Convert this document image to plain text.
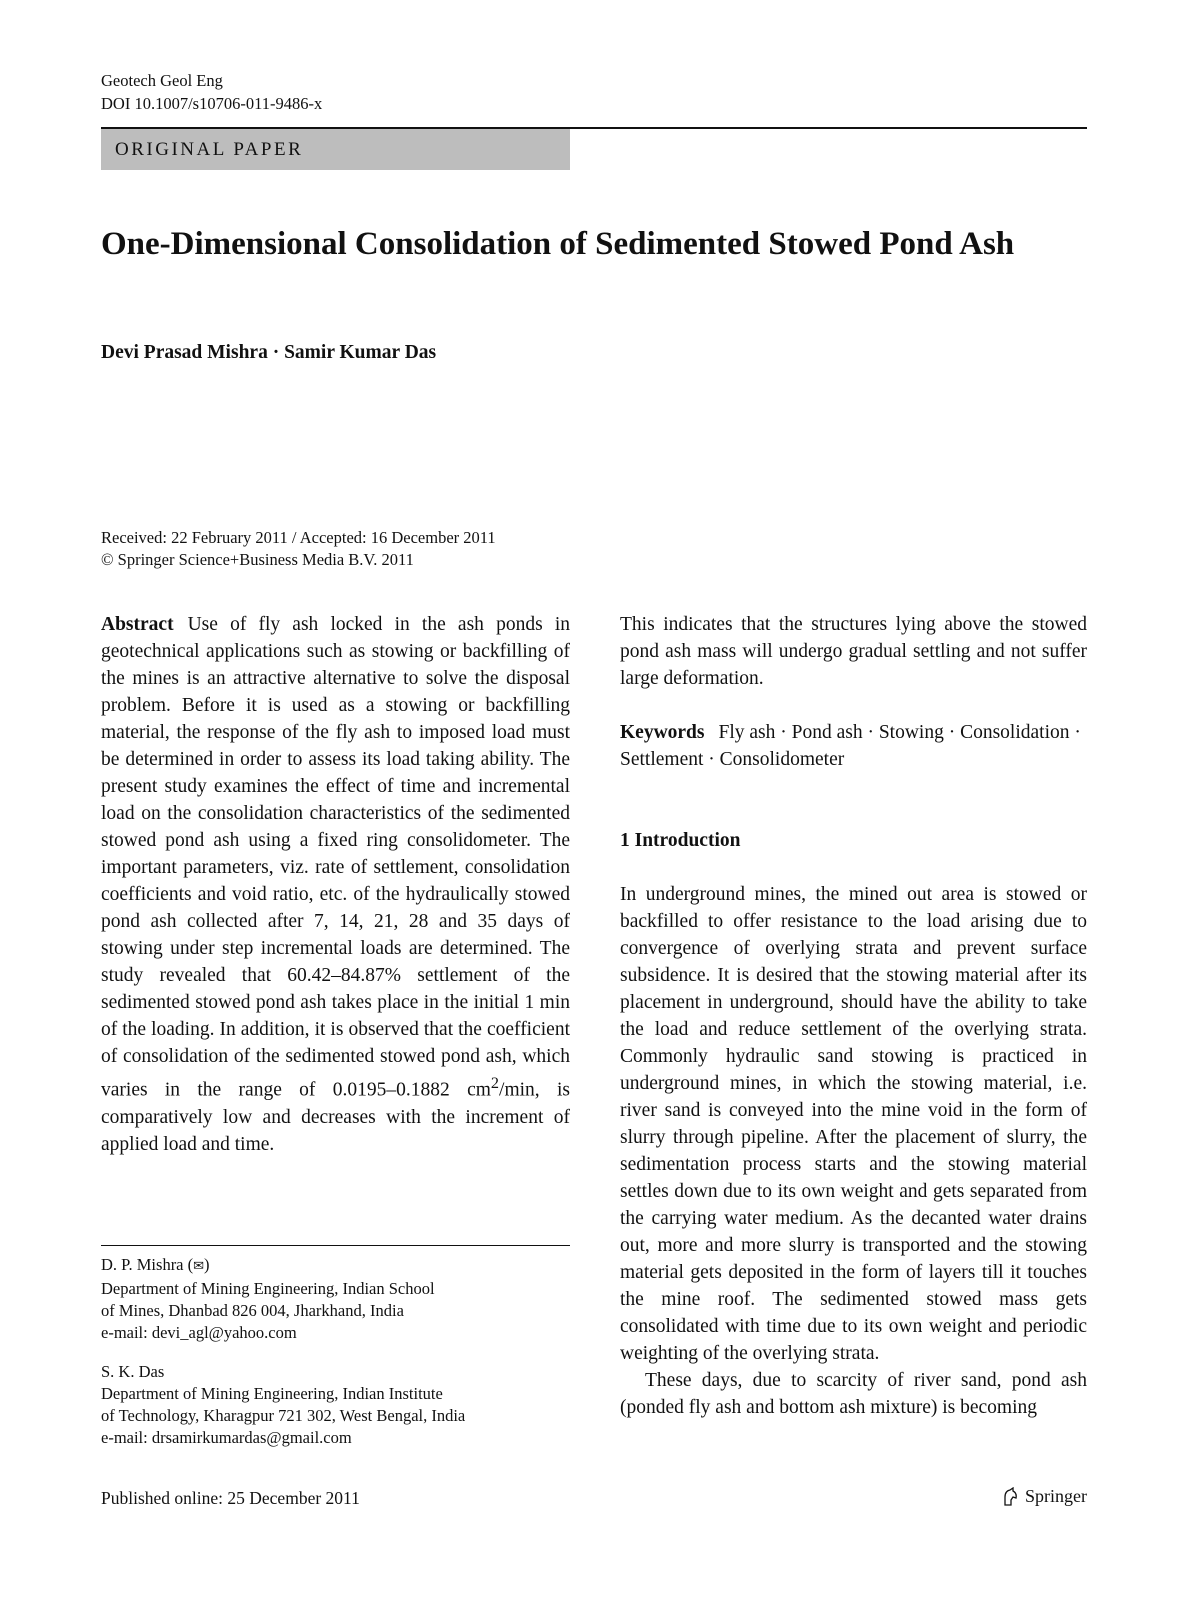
Geotech Geol Eng
DOI 10.1007/s10706-011-9486-x
ORIGINAL PAPER
One-Dimensional Consolidation of Sedimented Stowed Pond Ash
Devi Prasad Mishra · Samir Kumar Das
Received: 22 February 2011 / Accepted: 16 December 2011
© Springer Science+Business Media B.V. 2011

Abstract Use of fly ash locked in the ash ponds in geotechnical applications such as stowing or backfilling of the mines is an attractive alternative to solve the disposal problem. Before it is used as a stowing or backfilling material, the response of the fly ash to imposed load must be determined in order to assess its load taking ability. The present study examines the effect of time and incremental load on the consolidation characteristics of the sedimented stowed pond ash using a fixed ring consolidometer. The important parameters, viz. rate of settlement, consolidation coefficients and void ratio, etc. of the hydraulically stowed pond ash collected after 7, 14, 21, 28 and 35 days of stowing under step incremental loads are determined. The study revealed that 60.42–84.87% settlement of the sedimented stowed pond ash takes place in the initial 1 min of the loading. In addition, it is observed that the coefficient of consolidation of the sedimented stowed pond ash, which varies in the range of 0.0195–0.1882 $cm^2/\min$, is comparatively low and decreases with the increment of applied load and time.

This indicates that the structures lying above the stowed pond ash mass will undergo gradual settling and not suffer large deformation.

Keywords Fly ash · Pond ash · Stowing · Consolidation · Settlement · Consolidometer

1 Introduction

In underground mines, the mined out area is stowed or backfilled to offer resistance to the load arising due to convergence of overlying strata and prevent surface subsidence. It is desired that the stowing material after its placement in underground, should have the ability to take the load and reduce settlement of the overlying strata. Commonly hydraulic sand stowing is practiced in underground mines, in which the stowing material, i.e. river sand is conveyed into the mine void in the form of slurry through pipeline. After the placement of slurry, the sedimentation process starts and the stowing material settles down due to its own weight and gets separated from the carrying water medium. As the decanted water drains out, more and more slurry is transported and the stowing material gets deposited in the form of layers till it touches the mine roof. The sedimented stowed mass gets consolidated with time due to its own weight and periodic weighting of the overlying strata.

These days, due to scarcity of river sand, pond ash (ponded fly ash and bottom ash mixture) is becoming

D. P. Mishra (✉)

Department of Mining Engineering, Indian School

of Mines, Dhanbad 826 004, Jharkhand, India

e-mail: devi_agl@yahoo.com

S. K. Das

Department of Mining Engineering, Indian Institute

of Technology, Kharagpur 721 302, West Bengal, India

e-mail: drsamirkumardas@gmail.com

Published online: 25 December 2011	Springer
